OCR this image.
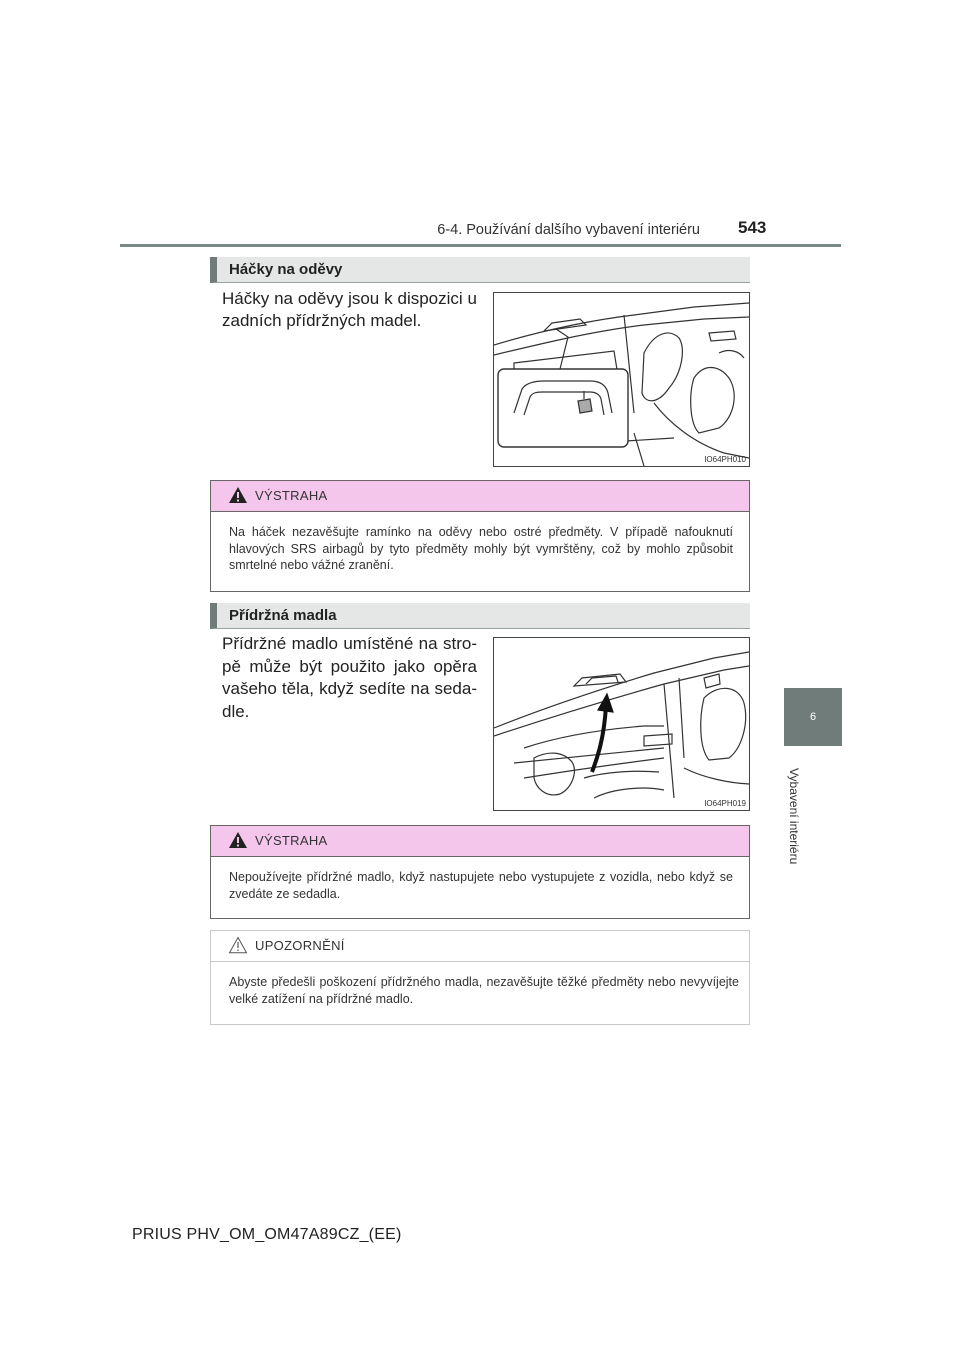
6-4. Používání dalšího vybavení interiéru 543
6
Vybavení interiéru
Háčky na oděvy
Háčky na oděvy jsou k dispozici u zadních přídržných madel.
IO64PH010
VÝSTRAHA
Na háček nezavěšujte ramínko na oděvy nebo ostré předměty. V případě nafouknutí hlavových SRS airbagů by tyto předměty mohly být vymrštěny, což by mohlo způsobit smrtelné nebo vážné zranění.
Přídržná madla
Přídržné madlo umístěné na stro-pě může být použito jako opěra vašeho těla, když sedíte na seda-dle.
IO64PH019
VÝSTRAHA
Nepoužívejte přídržné madlo, když nastupujete nebo vystupujete z vozidla, nebo když se zvedáte ze sedadla.
UPOZORNĚNÍ
Abyste předešli poškození přídržného madla, nezavěšujte těžké předměty nebo nevyvíjejte velké zatížení na přídržné madlo.
PRIUS PHV_OM_OM47A89CZ_(EE)
